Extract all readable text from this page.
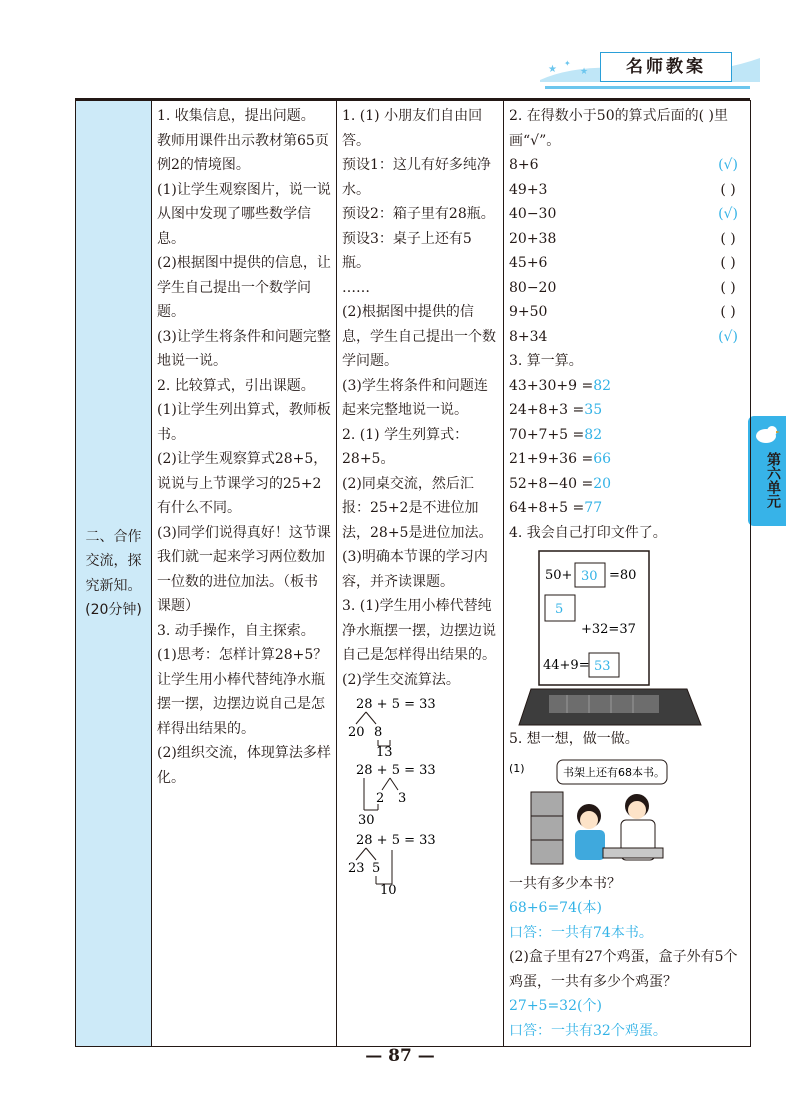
★
✦
★	名师教案
第六单元

二、合作

交流，探

究新知。

(20分钟)

1. 收集信息，提出问题。

教师用课件出示教材第65页例2的情境图。

(1)让学生观察图片，说一说从图中发现了哪些数学信息。

(2)根据图中提供的信息，让学生自己提出一个数学问题。

(3)让学生将条件和问题完整地说一说。

2. 比较算式，引出课题。

(1)让学生列出算式，教师板书。

(2)让学生观察算式28+5，说说与上节课学习的25+2有什么不同。

(3)同学们说得真好！这节课我们就一起来学习两位数加一位数的进位加法。（板书课题）

3. 动手操作，自主探索。

(1)思考：怎样计算28+5？让学生用小棒代替纯净水瓶摆一摆，边摆边说自己是怎样得出结果的。

(2)组织交流，体现算法多样化。

1. (1) 小朋友们自由回答。

预设1：这儿有好多纯净水。

预设2：箱子里有28瓶。

预设3：桌子上还有5瓶。

……

(2)根据图中提供的信息，学生自己提出一个数学问题。

(3)学生将条件和问题连起来完整地说一说。

2. (1) 学生列算式：28+5。

(2)同桌交流，然后汇报：25+2是不进位加法，28+5是进位加法。

(3)明确本节课的学习内容，并齐读课题。

3. (1)学生用小棒代替纯净水瓶摆一摆，边摆边说自己是怎样得出结果的。

(2)学生交流算法。

28 + 5 = 33
20 8
13
28 + 5 = 33
2 3
30
28 + 5 = 33
23 5
10

2. 在得数小于50的算式后面的( )里画“√”。

8+6	(√)
49+3	( )
40−30	(√)
20+38	( )
45+6	( )
80−20	( )
9+50	( )
8+34	(√)

3. 算一算。

43+30+9 =82

24+8+3 =35

70+7+5 =82

21+9+36 =66

52+8−40 =20

64+8+5 =77

4. 我会自己打印文件了。

50+ 30 =80
5
+32=37
44+9= 53

5. 想一想，做一做。

(1)	书架上还有68本书。

一共有多少本书？

68+6=74(本)

口答：一共有74本书。

(2)盒子里有27个鸡蛋，盒子外有5个鸡蛋，一共有多少个鸡蛋？

27+5=32(个)

口答：一共有32个鸡蛋。

— 87 —
